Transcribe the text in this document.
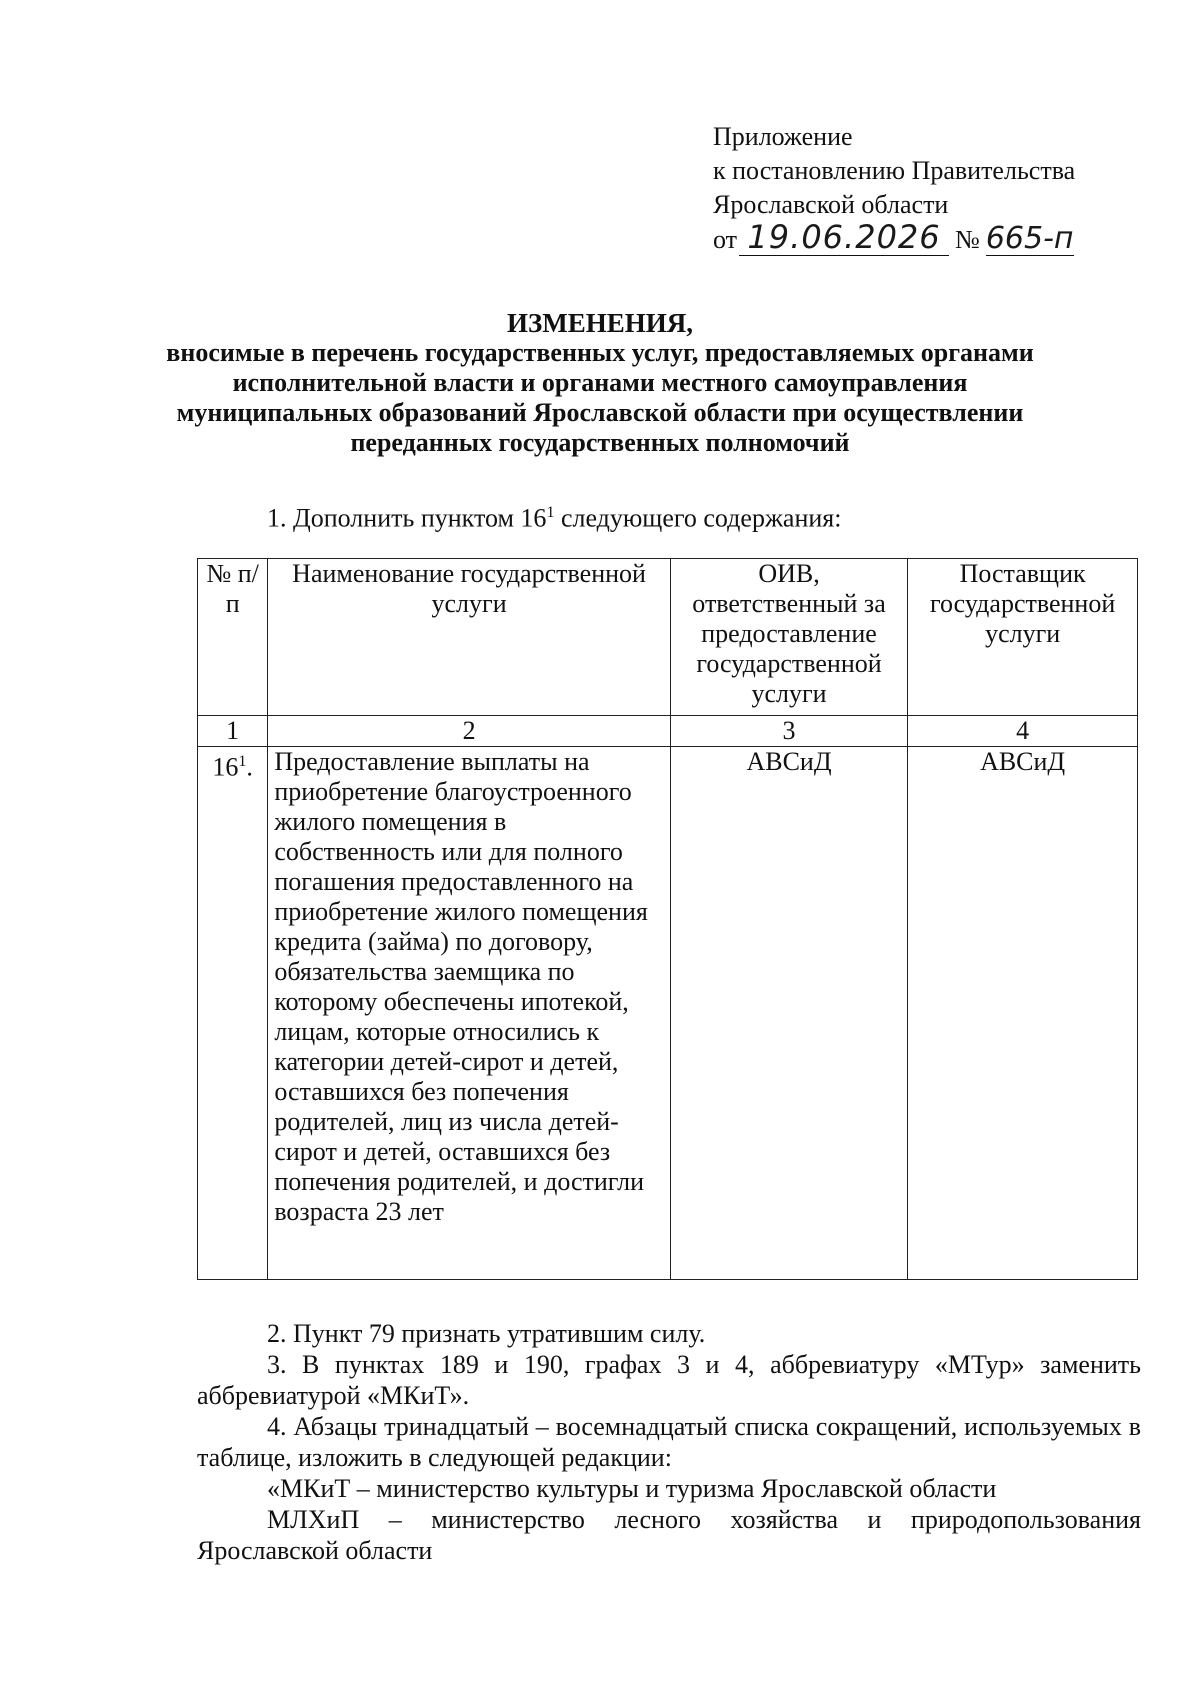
Приложение
к постановлению Правительства
Ярославской области
от 19.06.2026 № 665-п
ИЗМЕНЕНИЯ,
вносимые в перечень государственных услуг, предоставляемых органами исполнительной власти и органами местного самоуправления муниципальных образований Ярославской области при осуществлении переданных государственных полномочий
1. Дополнить пунктом $16^1$ следующего содержания:
№ п/п	Наименование государственной услуги	ОИВ, ответственный за предоставление государственной услуги	Поставщик государственной услуги
1	2	3	4
$16^1$.	Предоставление выплаты на приобретение благоустроенного жилого помещения в собственность или для полного погашения предоставленного на приобретение жилого помещения кредита (займа) по договору, обязательства заемщика по которому обеспечены ипотекой, лицам, которые относились к категории детей-сирот и детей, оставшихся без попечения родителей, лиц из числа детей-сирот и детей, оставшихся без попечения родителей, и достигли возраста 23 лет	АВСиД	АВСиД
2. Пункт 79 признать утратившим силу.
3. В пунктах 189 и 190, графах 3 и 4, аббревиатуру «МТур» заменить аббревиатурой «МКиТ».
4. Абзацы тринадцатый – восемнадцатый списка сокращений, используемых в таблице, изложить в следующей редакции:
«МКиТ – министерство культуры и туризма Ярославской области
МЛХиП – министерство лесного хозяйства и природопользования Ярославской области
